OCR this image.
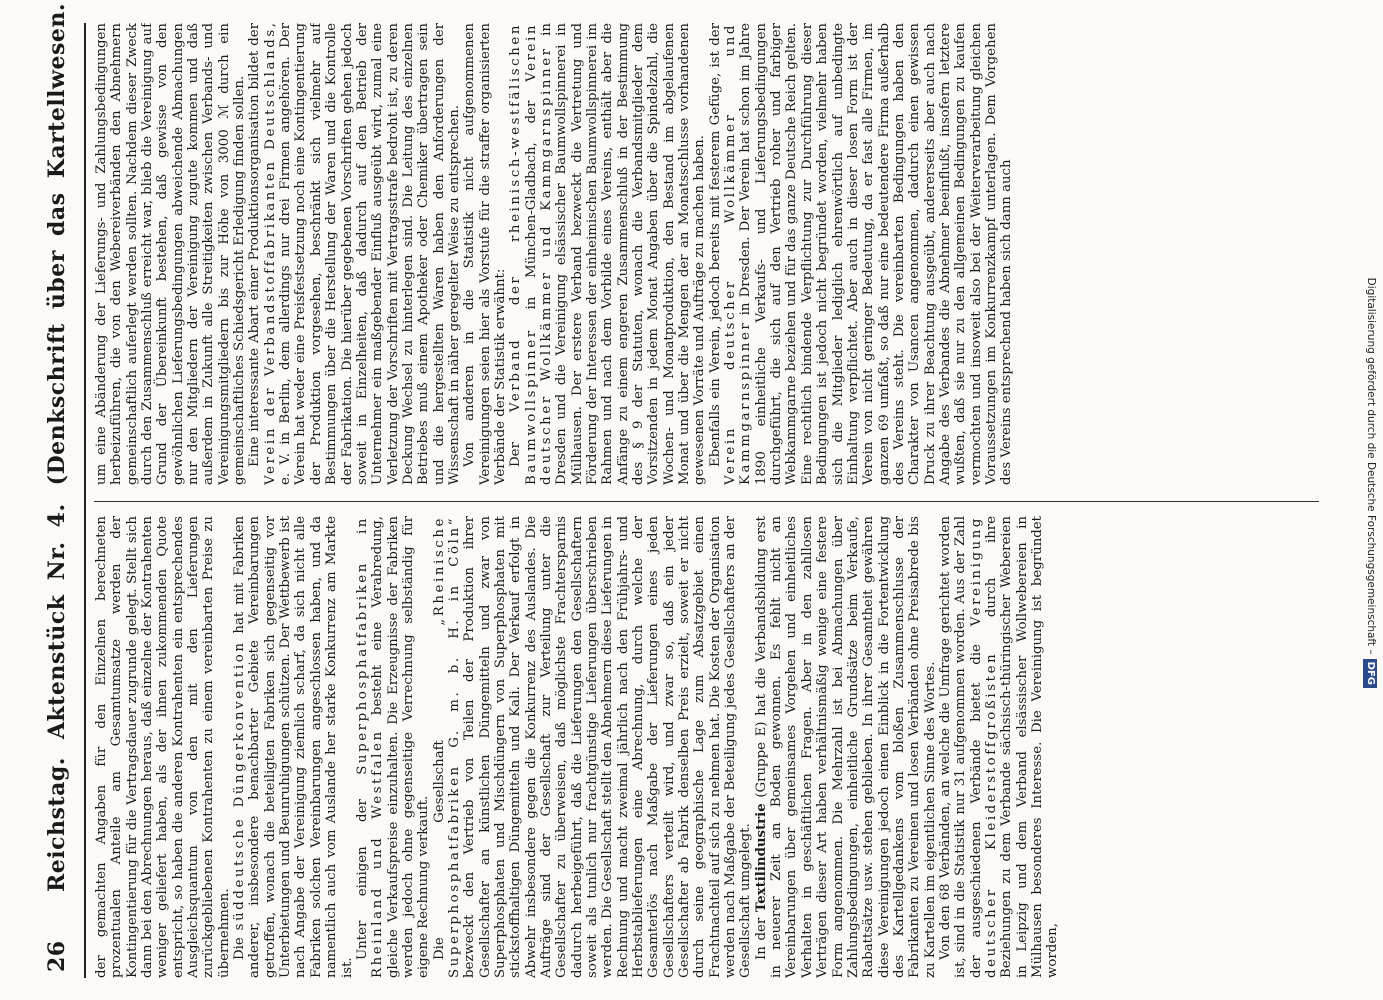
26
Reichstag.Aktenstück Nr. 4.(Denkschrift über das Kartellwesen.

der gemachten Angaben für den Einzelnen berechneten prozentualen Anteile am Gesamtumsatze werden der Kontingentierung für die Vertragsdauer zugrunde gelegt. Stellt sich dann bei den Abrechnungen heraus, daß einzelne der Kontrahenten weniger geliefert haben, als der ihnen zukommenden Quote entspricht, so haben die anderen Kontrahenten ein entsprechendes Ausgleichsquantum von den mit den Lieferungen zurückgebliebenen Kontrahenten zu einem vereinbarten Preise zu übernehmen. Die süddeutsche Düngerkonvention hat mit Fabriken anderer, insbesondere benachbarter Gebiete Vereinbarungen getroffen, wonach die beteiligten Fabriken sich gegenseitig vor Unterbietungen und Beunruhigungen schützen. Der Wettbewerb ist nach Angabe der Vereinigung ziemlich scharf, da sich nicht alle Fabriken solchen Vereinbarungen angeschlossen haben, und da namentlich auch vom Auslande her starke Konkurrenz am Markte ist.

Unter einigen der Superphosphatfabriken in Rheinland und Westfalen besteht eine Verabredung, gleiche Verkaufspreise einzuhalten. Die Erzeugnisse der Fabriken werden jedoch ohne gegenseitige Verrechnung selbständig für eigene Rechnung verkauft. Die Gesellschaft „Rheinische Superphosphatfabriken G. m. b. H. in Cöln“ bezweckt den Vertrieb von Teilen der Produktion ihrer Gesellschafter an künstlichen Düngemitteln und zwar von Superphosphaten und Mischdüngern von Superphosphaten mit stickstoffhaltigen Düngemitteln und Kali. Der Verkauf erfolgt in Abwehr insbesondere gegen die Konkurrenz des Auslandes. Die Aufträge sind der Gesellschaft zur Verteilung unter die Gesellschafter zu überweisen, daß möglichste Frachtersparnis dadurch herbeigeführt, daß die Lieferungen den Gesellschaftern soweit als tunlich nur frachtgünstige Lieferungen überschrieben werden. Die Gesellschaft stellt den Abnehmern diese Lieferungen in Rechnung und macht zweimal jährlich nach den Frühjahrs- und Herbstablieferungen eine Abrechnung, durch welche der Gesamterlös nach Maßgabe der Lieferungen eines jeden Gesellschafters verteilt wird, und zwar so, daß ein jeder Gesellschafter ab Fabrik denselben Preis erzielt, soweit er nicht durch seine geographische Lage zum Absatzgebiet einen Frachtnachteil auf sich zu nehmen hat. Die Kosten der Organisation werden nach Maßgabe der Beteiligung jedes Gesellschafters an der Gesellschaft umgelegt. In der Textilindustrie (Gruppe E) hat die Verbandsbildung erst in neuerer Zeit an Boden gewonnen. Es fehlt nicht an Vereinbarungen über gemeinsames Vorgehen und einheitliches Verhalten in geschäftlichen Fragen. Aber in den zahllosen Verträgen dieser Art haben verhältnismäßig wenige eine festere Form angenommen. Die Mehrzahl ist bei Abmachungen über Zahlungsbedingungen, einheitliche Grundsätze beim Verkaufe, Rabattsätze usw. stehen geblieben. In ihrer Gesamtheit gewähren diese Vereinigungen jedoch einen Einblick in die Fortentwicklung des Kartellgedankens vom bloßen Zusammenschlusse der Fabrikanten zu Vereinen und losen Verbänden ohne Preisabrede bis zu Kartellen im eigentlichen Sinne des Wortes. Von den 68 Verbänden, an welche die Umfrage gerichtet worden ist, sind in die Statistik nur 31 aufgenommen worden. Aus der Zahl der ausgeschiedenen Verbände bietet die Vereinigung deutscher Kleiderstoffgroßisten durch ihre Beziehungen zu dem Verbande sächsisch-thüringischer Webereien in Leipzig und dem Verband elsässischer Wollwebereien in Mülhausen besonderes Interesse. Die Vereinigung ist begründet worden,

um eine Abänderung der Lieferungs- und Zahlungsbedingungen herbeizuführen, die von den Webereiverbänden den Abnehmern gemeinschaftlich auferlegt werden sollten. Nachdem dieser Zweck durch den Zusammenschluß erreicht war, blieb die Vereinigung auf Grund der Übereinkunft bestehen, daß gewisse von den gewöhnlichen Lieferungsbedingungen abweichende Abmachungen nur den Mitgliedern der Vereinigung zugute kommen und daß außerdem in Zukunft alle Streitigkeiten zwischen Verbands- und Vereinigungsmitgliedern bis zur Höhe von 3000 ℳ durch ein gemeinschaftliches Schiedsgericht Erledigung finden sollen. Eine interessante Abart einer Produktionsorganisation bildet der Verein der Verbandstoffabrikanten Deutschlands, e. V. in Berlin, dem allerdings nur drei Firmen angehören. Der Verein hat weder eine Preisfestsetzung noch eine Kontingentierung der Produktion vorgesehen, beschränkt sich vielmehr auf Bestimmungen über die Herstellung der Waren und die Kontrolle der Fabrikation. Die hierüber gegebenen Vorschriften gehen jedoch soweit in Einzelheiten, daß dadurch auf den Betrieb der Unternehmer ein maßgebender Einfluß ausgeübt wird, zumal eine Verletzung der Vorschriften mit Vertragsstrafe bedroht ist, zu deren Deckung Wechsel zu hinterlegen sind. Die Leitung des einzelnen Betriebes muß einem Apotheker oder Chemiker übertragen sein und die hergestellten Waren haben den Anforderungen der Wissenschaft in näher geregelter Weise zu entsprechen. Von anderen in die Statistik nicht aufgenommenen Vereinigungen seien hier als Vorstufe für die straffer organisierten Verbände der Statistik erwähnt: Der Verband der rheinisch-westfälischen Baumwollspinner in München-Gladbach, der Verein deutscher Wollkämmer und Kammgarnspinner in Dresden und die Vereinigung elsässischer Baumwollspinnerei in Mülhausen. Der erstere Verband bezweckt die Vertretung und Förderung der Interessen der einheimischen Baumwollspinnerei im Rahmen und nach dem Vorbilde eines Vereins, enthält aber die Anfänge zu einem engeren Zusammenschluß in der Bestimmung des § 9 der Statuten, wonach die Verbandsmitglieder dem Vorsitzenden in jedem Monat Angaben über die Spindelzahl, die Wochen- und Monatproduktion, den Bestand im abgelaufenen Monat und über die Mengen der an Monatsschlusse vorhandenen gewesenen Vorräte und Aufträge zu machen haben. Ebenfalls ein Verein, jedoch bereits mit festerem Gefüge, ist der Verein deutscher Wollkämmer und Kammgarnspinner in Dresden. Der Verein hat schon im Jahre 1890 einheitliche Verkaufs- und Lieferungsbedingungen durchgeführt, die sich auf den Vertrieb roher und farbiger Webkammgarne beziehen und für das ganze Deutsche Reich gelten. Eine rechtlich bindende Verpflichtung zur Durchführung dieser Bedingungen ist jedoch nicht begründet worden, vielmehr haben sich die Mitglieder lediglich ehrenwörtlich auf unbedingte Einhaltung verpflichtet. Aber auch in dieser losen Form ist der Verein von nicht geringer Bedeutung, da er fast alle Firmen, im ganzen 69 umfaßt, so daß nur eine bedeutendere Firma außerhalb des Vereins steht. Die vereinbarten Bedingungen haben den Charakter von Usancen angenommen, dadurch einen gewissen Druck zu ihrer Beachtung ausgeübt, andererseits aber auch nach Angabe des Verbandes die Abnehmer beeinflußt, insofern letztere wußten, daß sie nur zu den allgemeinen Bedingungen zu kaufen vermochten und insoweit also bei der Weiterverarbeitung gleichen Voraussetzungen im Konkurrenzkampf unterlagen. Dem Vorgehen des Vereins entsprechend haben sich dann auch	Digitalisierung gefördert durch die Deutsche Forschungsgemeinschaft –DFG
